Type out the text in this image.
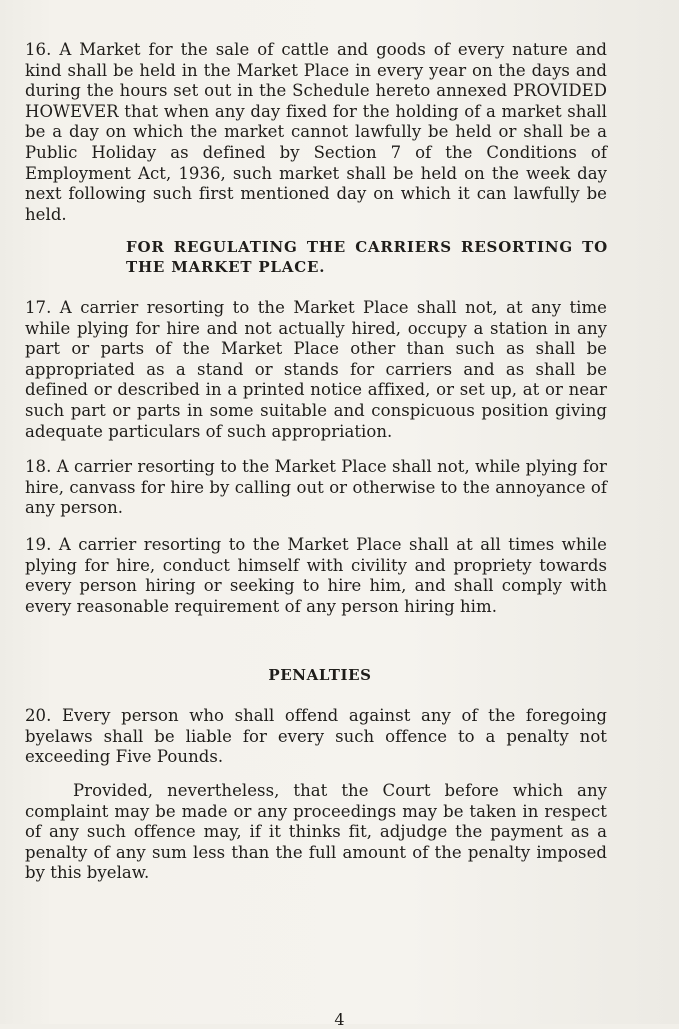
16. A Market for the sale of cattle and goods of every nature and kind shall be held in the Market Place in every year on the days and during the hours set out in the Schedule hereto annexed PROVIDED HOWEVER that when any day fixed for the holding of a market shall be a day on which the market cannot lawfully be held or shall be a Public Holiday as defined by Section 7 of the Conditions of Employment Act, 1936, such market shall be held on the week day next following such first mentioned day on which it can lawfully be held.

FOR REGULATING THE CARRIERS RESORTING TO THE MARKET PLACE.

17. A carrier resorting to the Market Place shall not, at any time while plying for hire and not actually hired, occupy a station in any part or parts of the Market Place other than such as shall be appropriated as a stand or stands for carriers and as shall be defined or described in a printed notice affixed, or set up, at or near such part or parts in some suitable and conspicuous position giving adequate particulars of such appropriation.

18. A carrier resorting to the Market Place shall not, while plying for hire, canvass for hire by calling out or otherwise to the annoyance of any person.

19. A carrier resorting to the Market Place shall at all times while plying for hire, conduct himself with civility and propriety towards every person hiring or seeking to hire him, and shall comply with every reasonable requirement of any person hiring him.

PENALTIES

20. Every person who shall offend against any of the foregoing byelaws shall be liable for every such offence to a penalty not exceeding Five Pounds.

Provided, nevertheless, that the Court before which any complaint may be made or any proceedings may be taken in respect of any such offence may, if it thinks fit, adjudge the payment as a penalty of any sum less than the full amount of the penalty imposed by this byelaw.

4
